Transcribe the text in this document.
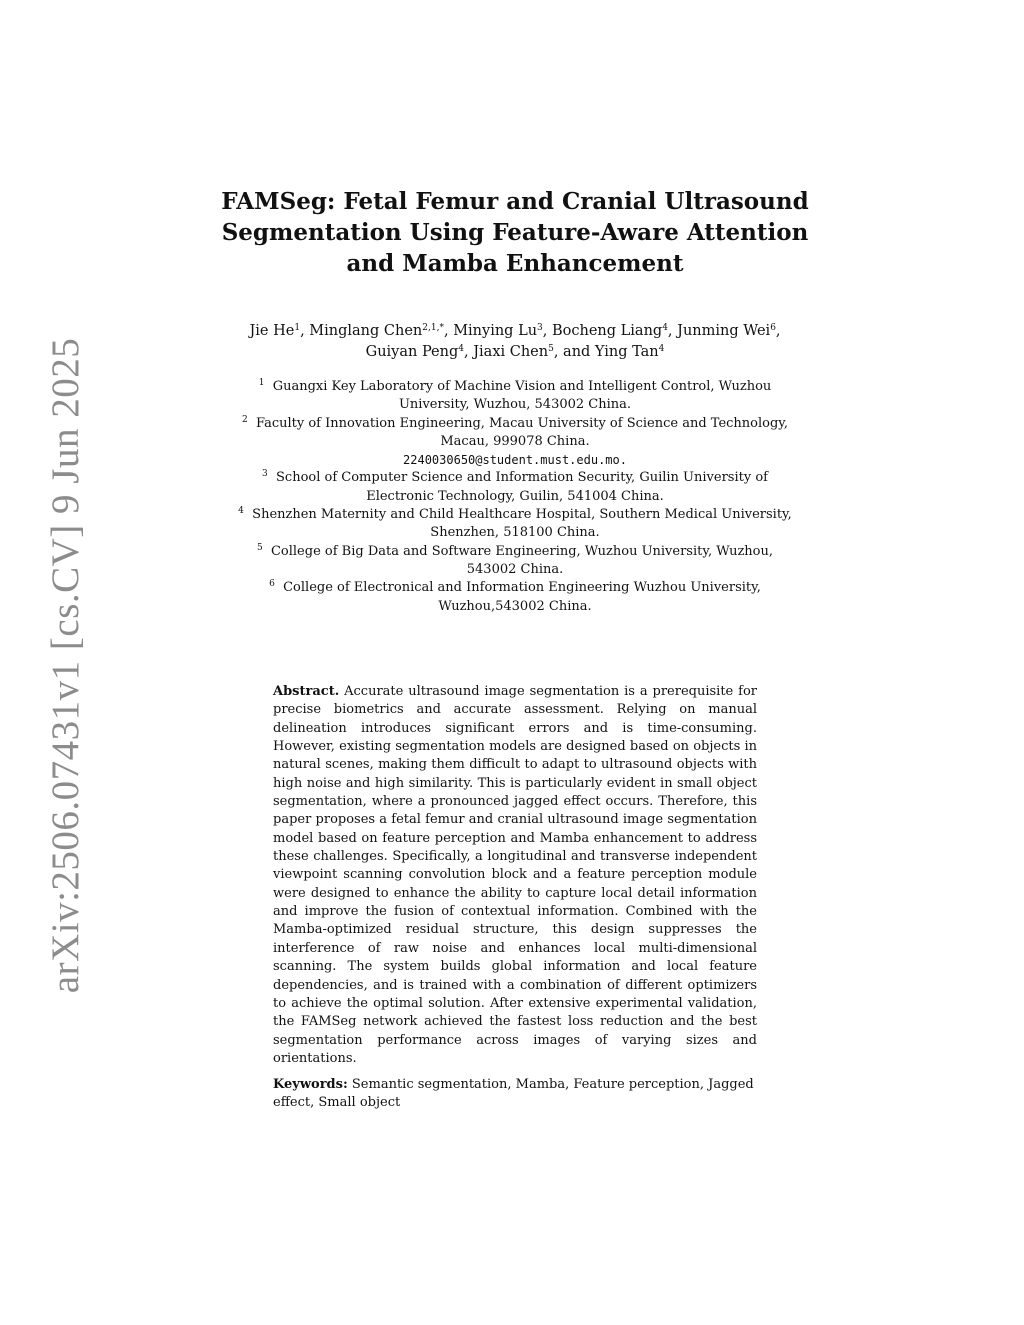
arXiv:2506.07431v1 [cs.CV] 9 Jun 2025
FAMSeg: Fetal Femur and Cranial Ultrasound
Segmentation Using Feature-Aware Attention
and Mamba Enhancement
Jie He$^1$, Minglang Chen$^{2,1,*}$, Minying Lu$^3$, Bocheng Liang$^4$, Junming Wei$^6$,
Guiyan Peng$^4$, Jiaxi Chen$^5$, and Ying Tan$^4$
$^1$ Guangxi Key Laboratory of Machine Vision and Intelligent Control, Wuzhou
University, Wuzhou, 543002 China.
$^2$ Faculty of Innovation Engineering, Macau University of Science and Technology,
Macau, 999078 China.
2240030650@student.must.edu.mo.
$^3$ School of Computer Science and Information Security, Guilin University of
Electronic Technology, Guilin, 541004 China.
$^4$ Shenzhen Maternity and Child Healthcare Hospital, Southern Medical University,
Shenzhen, 518100 China.
$^5$ College of Big Data and Software Engineering, Wuzhou University, Wuzhou,
543002 China.
$^6$ College of Electronical and Information Engineering Wuzhou University,
Wuzhou,543002 China.
Abstract. Accurate ultrasound image segmentation is a prerequisite for precise biometrics and accurate assessment. Relying on manual delineation introduces significant errors and is time-consuming. However, existing segmentation models are designed based on objects in natural scenes, making them difficult to adapt to ultrasound objects with high noise and high similarity. This is particularly evident in small object segmentation, where a pronounced jagged effect occurs. Therefore, this paper proposes a fetal femur and cranial ultrasound image segmentation model based on feature perception and Mamba enhancement to address these challenges. Specifically, a longitudinal and transverse independent viewpoint scanning convolution block and a feature perception module were designed to enhance the ability to capture local detail information and improve the fusion of contextual information. Combined with the Mamba-optimized residual structure, this design suppresses the interference of raw noise and enhances local multi-dimensional scanning. The system builds global information and local feature dependencies, and is trained with a combination of different optimizers to achieve the optimal solution. After extensive experimental validation, the FAMSeg network achieved the fastest loss reduction and the best segmentation performance across images of varying sizes and orientations.
Keywords: Semantic segmentation, Mamba, Feature perception, Jagged effect, Small object
